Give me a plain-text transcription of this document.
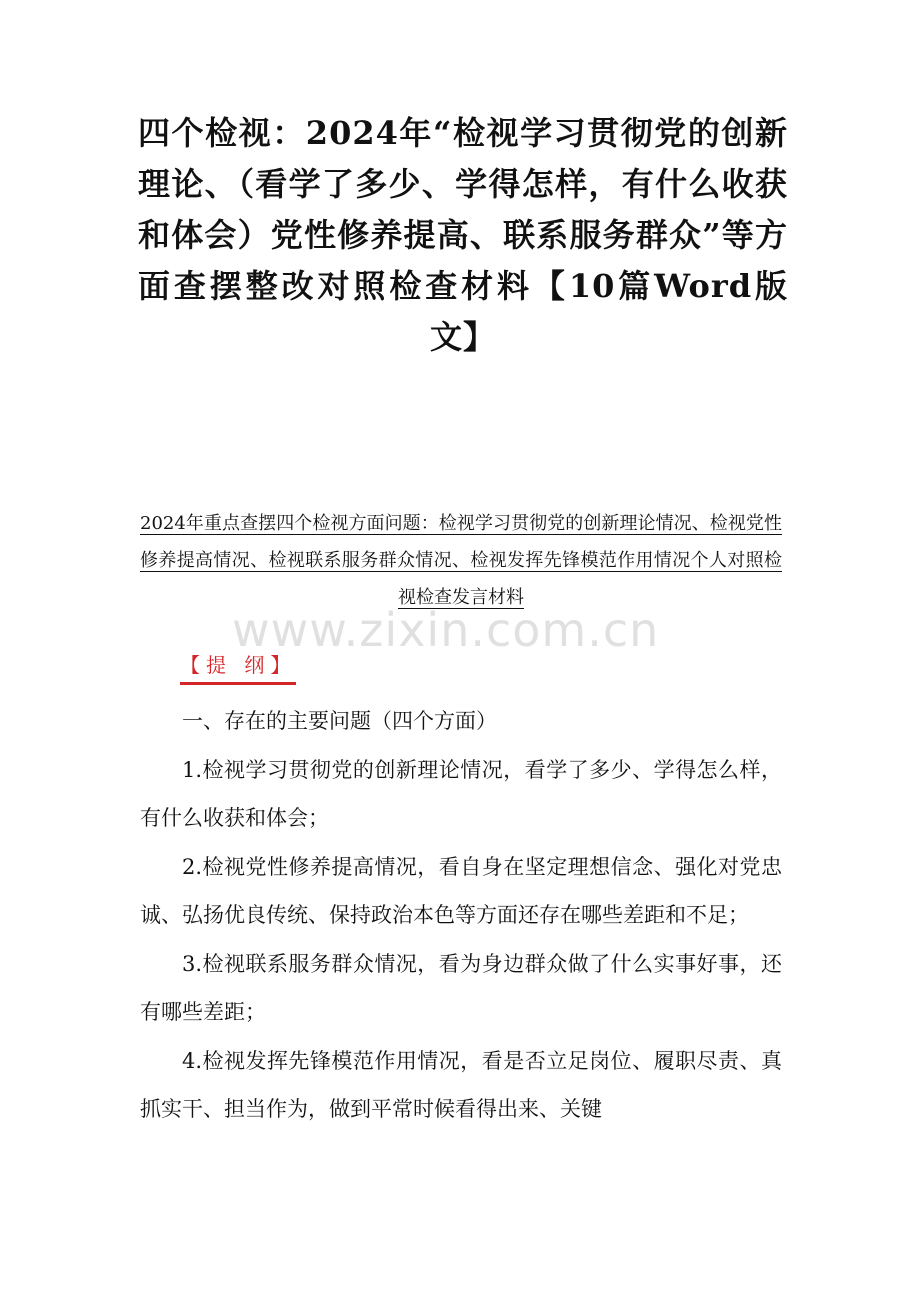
四个检视：2024年“检视学习贯彻党的创新理论、（看学了多少、学得怎样，有什么收获和体会）党性修养提高、联系服务群众”等方面查摆整改对照检查材料【10篇Word版文】
2024年重点查摆四个检视方面问题：检视学习贯彻党的创新理论情况、检视党性修养提高情况、检视联系服务群众情况、检视发挥先锋模范作用情况个人对照检视检查发言材料
www.zixin.com.cn
【提 纲】

一、存在的主要问题（四个方面）

1.检视学习贯彻党的创新理论情况，看学了多少、学得怎么样，有什么收获和体会；

2.检视党性修养提高情况，看自身在坚定理想信念、强化对党忠诚、弘扬优良传统、保持政治本色等方面还存在哪些差距和不足；

3.检视联系服务群众情况，看为身边群众做了什么实事好事，还有哪些差距；

4.检视发挥先锋模范作用情况，看是否立足岗位、履职尽责、真抓实干、担当作为，做到平常时候看得出来、关键
